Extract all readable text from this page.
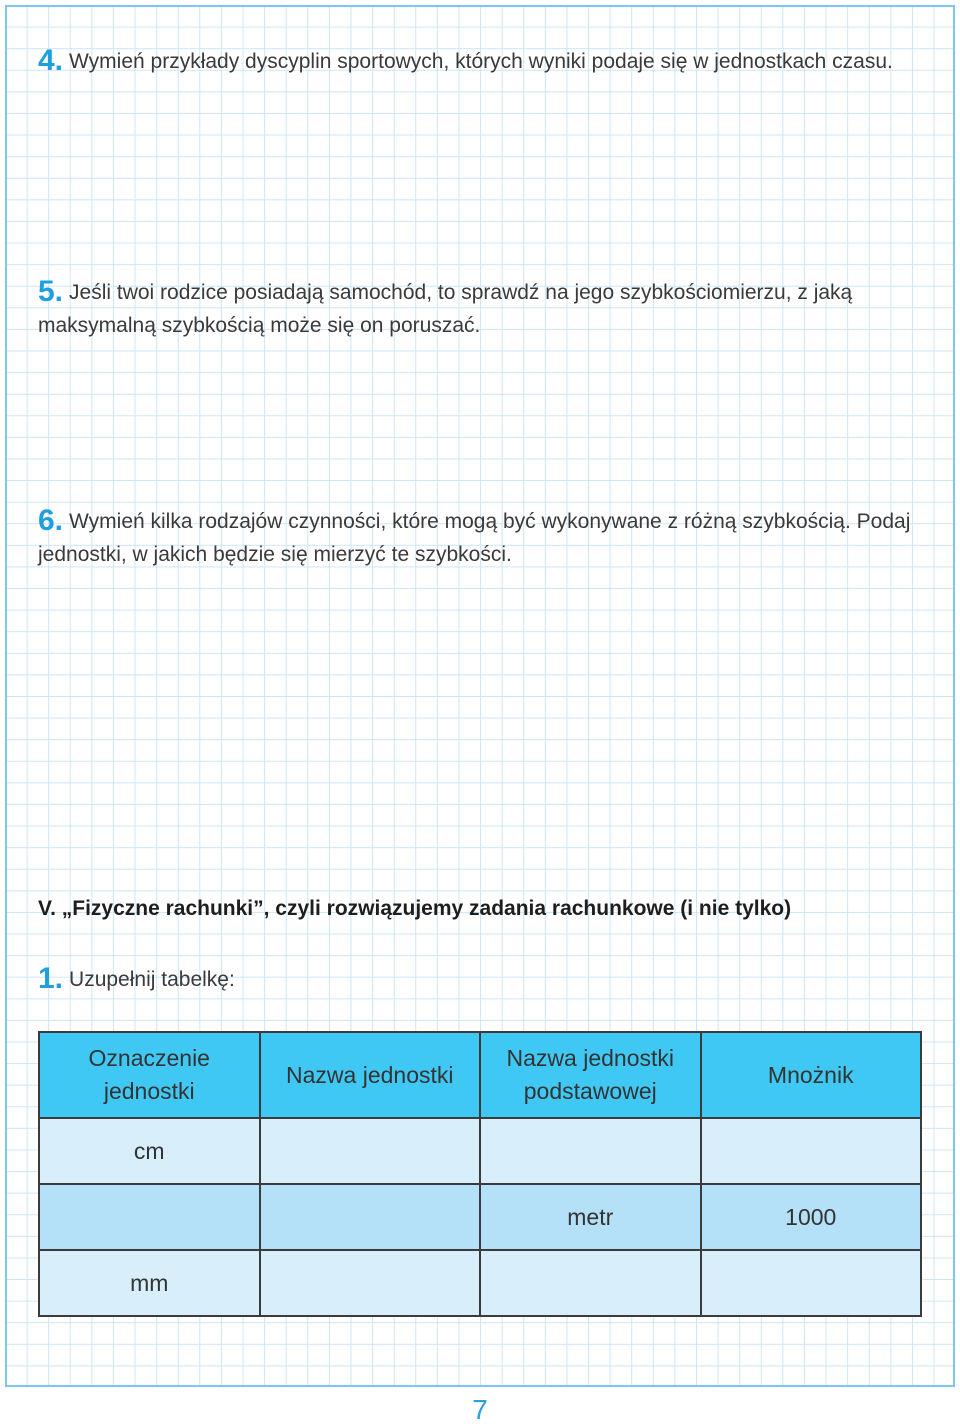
4. Wymień przykłady dyscyplin sportowych, których wyniki podaje się w jednostkach czasu.

5. Jeśli twoi rodzice posiadają samochód, to sprawdź na jego szybkościomierzu, z jaką maksymalną szybkością może się on poruszać.

6. Wymień kilka rodzajów czynności, które mogą być wykonywane z różną szybkością. Podaj jednostki, w jakich będzie się mierzyć te szybkości.

V. „Fizyczne rachunki”, czyli rozwiązujemy zadania rachunkowe (i nie tylko)

1. Uzupełnij tabelkę:

Oznaczenie jednostki	Nazwa jednostki	Nazwa jednostki podstawowej	Mnożnik
cm			
		metr	1000
mm			
7
